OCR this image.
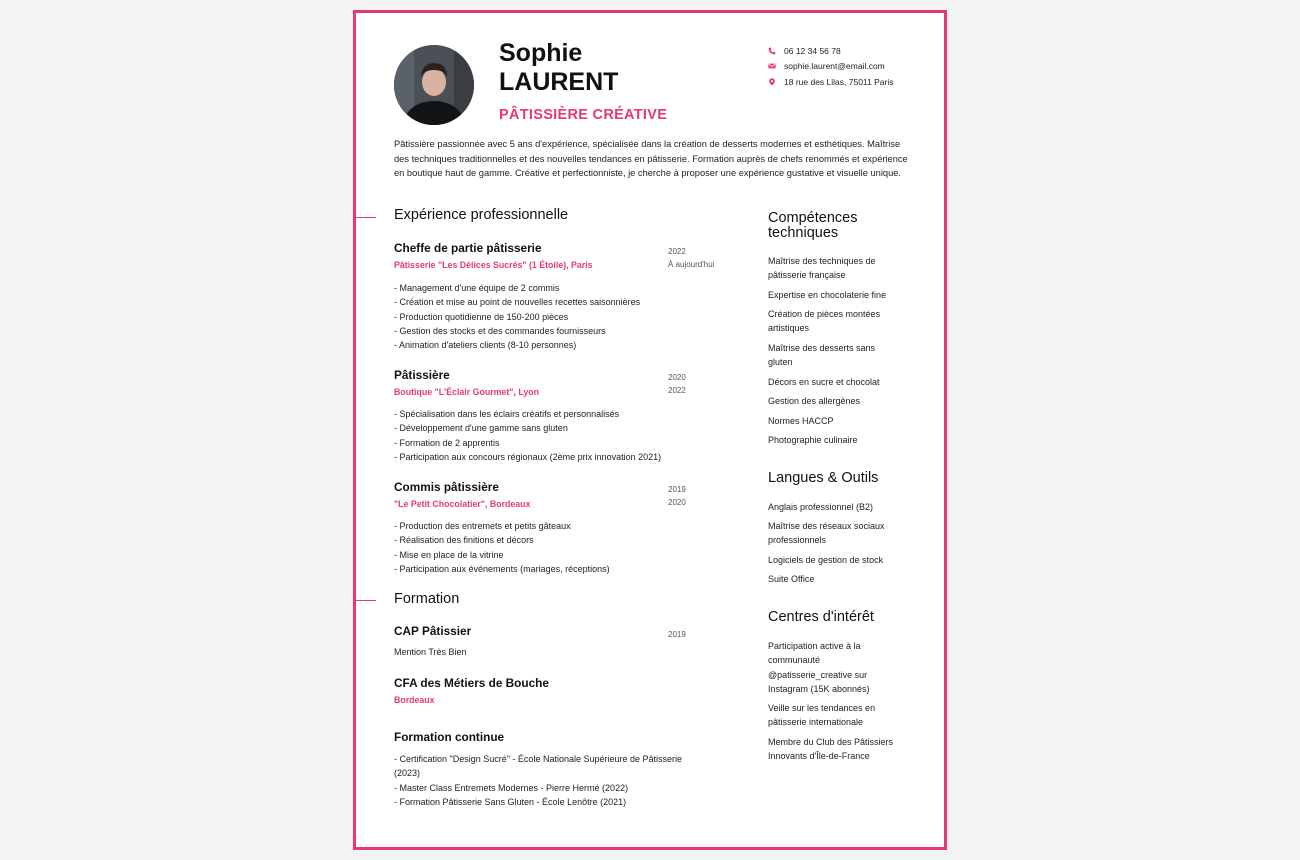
Sophie
LAURENT
PÂTISSIÈRE CRÉATIVE
06 12 34 56 78
sophie.laurent@email.com
18 rue des Lilas, 75011 Paris

Pâtissière passionnée avec 5 ans d'expérience, spécialisée dans la création de desserts modernes et esthétiques. Maîtrise des techniques traditionnelles et des nouvelles tendances en pâtisserie. Formation auprès de chefs renommés et expérience en boutique haut de gamme. Créative et perfectionniste, je cherche à proposer une expérience gustative et visuelle unique.

Expérience professionnelle
Cheffe de partie pâtisserie
Pâtisserie "Les Délices Sucrés" (1 Étoile), Paris
2022
À aujourd'hui
- Management d'une équipe de 2 commis
- Création et mise au point de nouvelles recettes saisonnières
- Production quotidienne de 150-200 pièces
- Gestion des stocks et des commandes fournisseurs
- Animation d'ateliers clients (8-10 personnes)
Pâtissière
Boutique "L'Éclair Gourmet", Lyon
2020
2022
- Spécialisation dans les éclairs créatifs et personnalisés
- Développement d'une gamme sans gluten
- Formation de 2 apprentis
- Participation aux concours régionaux (2ème prix innovation 2021)
Commis pâtissière
"Le Petit Chocolatier", Bordeaux
2019
2020
- Production des entremets et petits gâteaux
- Réalisation des finitions et décors
- Mise en place de la vitrine
- Participation aux événements (mariages, réceptions)
Formation
CAP Pâtissier	2019
Mention Très Bien
CFA des Métiers de Bouche
Bordeaux
Formation continue
- Certification "Design Sucré" - École Nationale Supérieure de Pâtisserie
(2023)
- Master Class Entremets Modernes - Pierre Hermé (2022)
- Formation Pâtisserie Sans Gluten - École Lenôtre (2021)
Compétences techniques
Maîtrise des techniques de pâtisserie française
Expertise en chocolaterie fine
Création de pièces montées artistiques
Maîtrise des desserts sans gluten
Décors en sucre et chocolat
Gestion des allergènes
Normes HACCP
Photographie culinaire
Langues & Outils
Anglais professionnel (B2)
Maîtrise des réseaux sociaux professionnels
Logiciels de gestion de stock
Suite Office
Centres d'intérêt
Participation active à la communauté @patisserie_creative sur Instagram (15K abonnés)
Veille sur les tendances en pâtisserie internationale
Membre du Club des Pâtissiers Innovants d'Île-de-France
